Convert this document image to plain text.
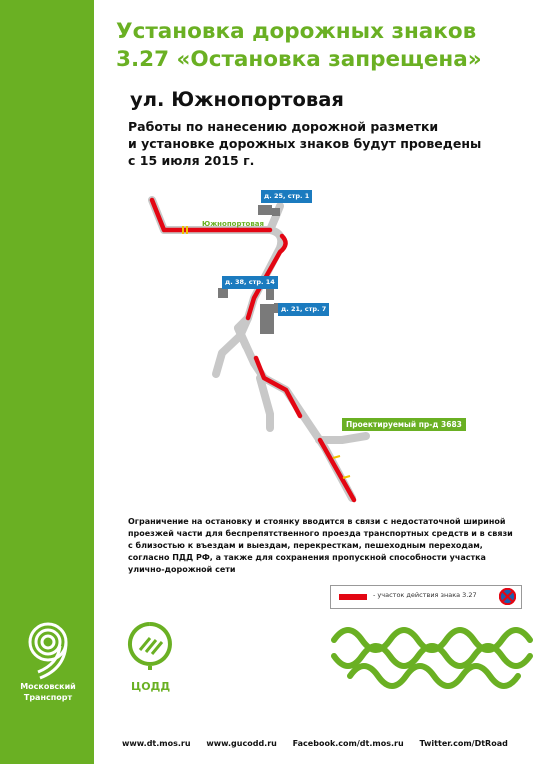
Московский
Транспорт
Установка дорожных знаков
3.27 «Остановка запрещена»
ул. Южнопортовая
Работы по нанесению дорожной разметки
и установке дорожных знаков будут проведены
с 15 июля 2015 г.
д. 25, стр. 1
д. 38, стр. 14
д. 21, стр. 7
Проектируемый пр-д 3683
Южнопортовая
Ограничение на остановку и стоянку вводится в связи с недостаточной шириной проезжей части для беспрепятственного проезда транспортных средств и в связи с близостью к въездам и выездам, перекресткам, пешеходным переходам, согласно ПДД РФ, а также для сохранения пропускной способности участка улично-дорожной сети
- участок действия знака 3.27
ЦОДД
www.dt.mos.ru www.gucodd.ru Facebook.com/dt.mos.ru Twitter.com/DtRoad
